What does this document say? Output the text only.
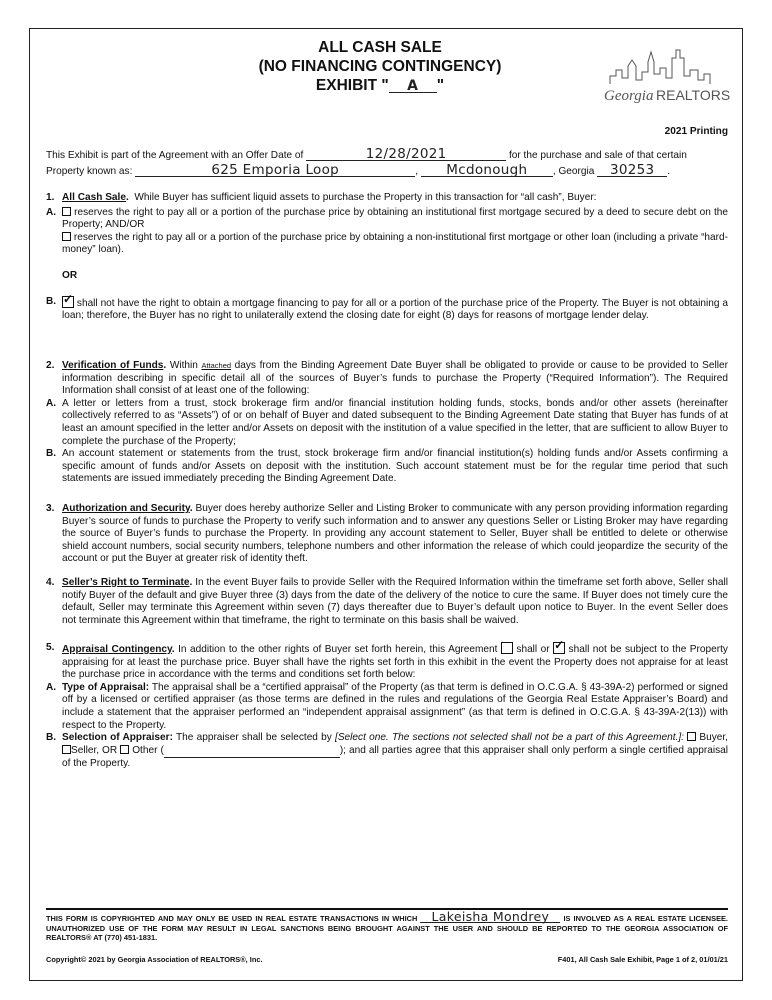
ALL CASH SALE
(NO FINANCING CONTINGENCY)
EXHIBIT " A "
Georgia REALTORS
2021 Printing
This Exhibit is part of the Agreement with an Offer Date of	12/28/2021	for the purchase and sale of that certain
Property known as:	625 Emporia Loop	, Mcdonough	, Georgia 30253 .
1. All Cash Sale. While Buyer has sufficient liquid assets to purchase the Property in this transaction for “all cash”, Buyer:
A. reserves the right to pay all or a portion of the purchase price by obtaining an institutional first mortgage secured by a deed to secure debt on the Property; AND/OR
reserves the right to pay all or a portion of the purchase price by obtaining a non-institutional first mortgage or other loan (including a private “hard-money” loan).
OR
B. ✓ shall not have the right to obtain a mortgage financing to pay for all or a portion of the purchase price of the Property. The Buyer is not obtaining a loan; therefore, the Buyer has no right to unilaterally extend the closing date for eight (8) days for reasons of mortgage lender delay.
2. Verification of Funds. Within Attached days from the Binding Agreement Date Buyer shall be obligated to provide or cause to be provided to Seller information describing in specific detail all of the sources of Buyer’s funds to purchase the Property (“Required Information”). The Required Information shall consist of at least one of the following:
A. A letter or letters from a trust, stock brokerage firm and/or financial institution holding funds, stocks, bonds and/or other assets (hereinafter collectively referred to as “Assets”) of or on behalf of Buyer and dated subsequent to the Binding Agreement Date stating that Buyer has funds of at least an amount specified in the letter and/or Assets on deposit with the institution of a value specified in the letter, that are sufficient to allow Buyer to complete the purchase of the Property;
B. An account statement or statements from the trust, stock brokerage firm and/or financial institution(s) holding funds and/or Assets confirming a specific amount of funds and/or Assets on deposit with the institution. Such account statement must be for the regular time period that such statements are issued immediately preceding the Binding Agreement Date.
3. Authorization and Security. Buyer does hereby authorize Seller and Listing Broker to communicate with any person providing information regarding Buyer’s source of funds to purchase the Property to verify such information and to answer any questions Seller or Listing Broker may have regarding the source of Buyer’s funds to purchase the Property. In providing any account statement to Seller, Buyer shall be entitled to delete or otherwise shield account numbers, social security numbers, telephone numbers and other information the release of which could jeopardize the security of the account or put the Buyer at greater risk of identity theft.
4. Seller’s Right to Terminate. In the event Buyer fails to provide Seller with the Required Information within the timeframe set forth above, Seller shall notify Buyer of the default and give Buyer three (3) days from the date of the delivery of the notice to cure the same. If Buyer does not timely cure the default, Seller may terminate this Agreement within seven (7) days thereafter due to Buyer’s default upon notice to Buyer. In the event Seller does not terminate this Agreement within that timeframe, the right to terminate on this basis shall be waived.
5. Appraisal Contingency. In addition to the other rights of Buyer set forth herein, this Agreement shall or ✓ shall not be subject to the Property appraising for at least the purchase price. Buyer shall have the rights set forth in this exhibit in the event the Property does not appraise for at least the purchase price in accordance with the terms and conditions set forth below:
A. Type of Appraisal: The appraisal shall be a “certified appraisal” of the Property (as that term is defined in O.C.G.A. § 43-39A-2) performed or signed off by a licensed or certified appraiser (as those terms are defined in the rules and regulations of the Georgia Real Estate Appraiser’s Board) and include a statement that the appraiser performed an “independent appraisal assignment” (as that term is defined in O.C.G.A. § 43-39A-2(13)) with respect to the Property.
B. Selection of Appraiser: The appraiser shall be selected by [Select one. The sections not selected shall not be a part of this Agreement.]: Buyer, Seller, OR Other (	); and all parties agree that this appraiser shall only perform a single certified appraisal of the Property.
THIS FORM IS COPYRIGHTED AND MAY ONLY BE USED IN REAL ESTATE TRANSACTIONS IN WHICH Lakeisha Mondrey IS INVOLVED AS A REAL ESTATE LICENSEE. UNAUTHORIZED USE OF THE FORM MAY RESULT IN LEGAL SANCTIONS BEING BROUGHT AGAINST THE USER AND SHOULD BE REPORTED TO THE GEORGIA ASSOCIATION OF REALTORS® AT (770) 451-1831.
Copyright© 2021 by Georgia Association of REALTORS®, Inc.	F401, All Cash Sale Exhibit, Page 1 of 2, 01/01/21
